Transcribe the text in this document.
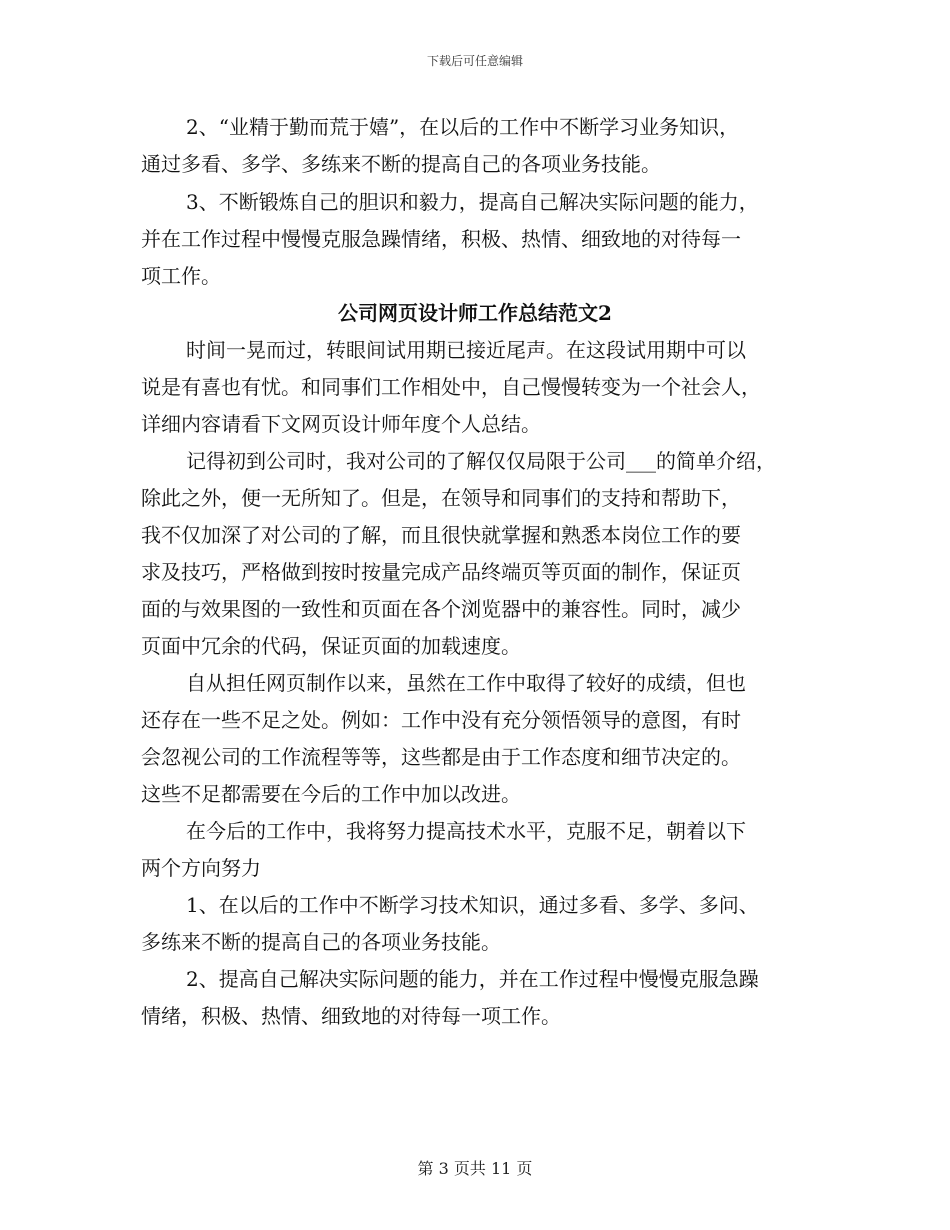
下载后可任意编辑
2、“业精于勤而荒于嬉”，在以后的工作中不断学习业务知识，
通过多看、多学、多练来不断的提高自己的各项业务技能。
3、不断锻炼自己的胆识和毅力，提高自己解决实际问题的能力，
并在工作过程中慢慢克服急躁情绪，积极、热情、细致地的对待每一
项工作。
公司网页设计师工作总结范文2
时间一晃而过，转眼间试用期已接近尾声。在这段试用期中可以
说是有喜也有忧。和同事们工作相处中，自己慢慢转变为一个社会人，
详细内容请看下文网页设计师年度个人总结。
记得初到公司时，我对公司的了解仅仅局限于公司___的简单介绍，
除此之外，便一无所知了。但是，在领导和同事们的支持和帮助下，
我不仅加深了对公司的了解，而且很快就掌握和熟悉本岗位工作的要
求及技巧，严格做到按时按量完成产品终端页等页面的制作，保证页
面的与效果图的一致性和页面在各个浏览器中的兼容性。同时，减少
页面中冗余的代码，保证页面的加载速度。
自从担任网页制作以来，虽然在工作中取得了较好的成绩，但也
还存在一些不足之处。例如：工作中没有充分领悟领导的意图，有时
会忽视公司的工作流程等等，这些都是由于工作态度和细节决定的。
这些不足都需要在今后的工作中加以改进。
在今后的工作中，我将努力提高技术水平，克服不足，朝着以下
两个方向努力
1、在以后的工作中不断学习技术知识，通过多看、多学、多问、
多练来不断的提高自己的各项业务技能。
2、提高自己解决实际问题的能力，并在工作过程中慢慢克服急躁
情绪，积极、热情、细致地的对待每一项工作。
第 3 页共 11 页
